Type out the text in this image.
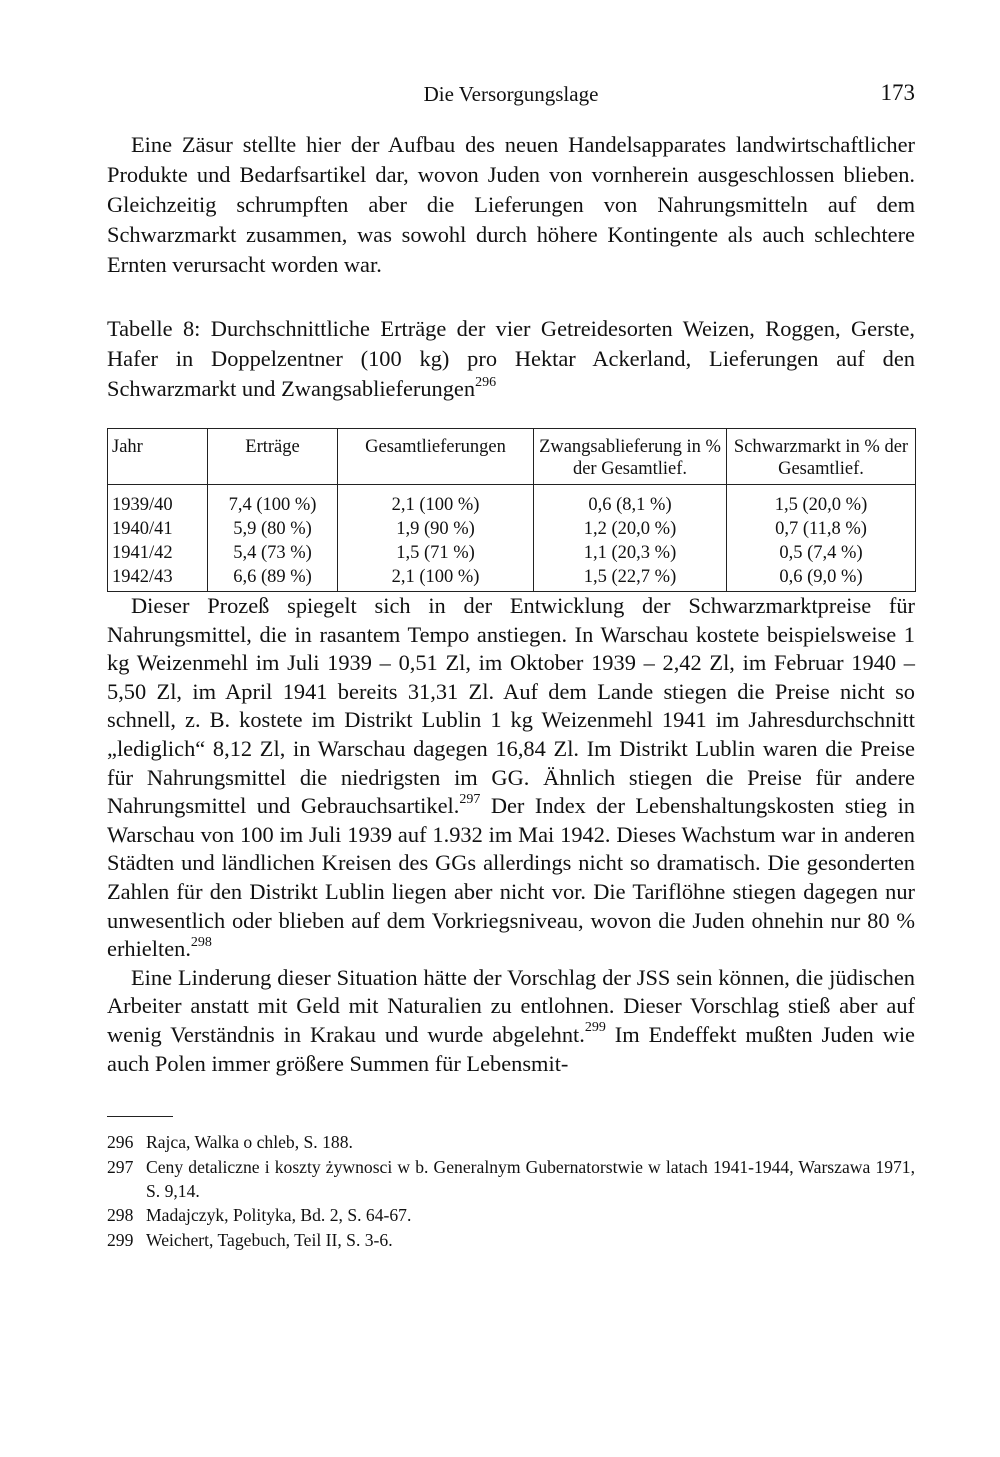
Die Versorgungslage	173

Eine Zäsur stellte hier der Aufbau des neuen Handelsapparates landwirtschaftlicher Produkte und Bedarfsartikel dar, wovon Juden von vornherein ausgeschlossen blieben. Gleichzeitig schrumpften aber die Lieferungen von Nahrungsmitteln auf dem Schwarzmarkt zusammen, was sowohl durch höhere Kontingente als auch schlechtere Ernten verursacht worden war.

Tabelle 8: Durchschnittliche Erträge der vier Getreidesorten Weizen, Roggen, Gerste, Hafer in Doppelzentner (100 kg) pro Hektar Ackerland, Lieferungen auf den Schwarzmarkt und Zwangsablieferungen$^{296}$

Jahr	Erträge	Gesamtlieferungen	Zwangsablieferung in % der Gesamtlief.	Schwarzmarkt in % der Gesamtlief.
1939/40	7,4 (100 %)	2,1 (100 %)	0,6 (8,1 %)	1,5 (20,0 %)
1940/41	5,9 (80 %)	1,9 (90 %)	1,2 (20,0 %)	0,7 (11,8 %)
1941/42	5,4 (73 %)	1,5 (71 %)	1,1 (20,3 %)	0,5 (7,4 %)
1942/43	6,6 (89 %)	2,1 (100 %)	1,5 (22,7 %)	0,6 (9,0 %)

Dieser Prozeß spiegelt sich in der Entwicklung der Schwarzmarktpreise für Nahrungsmittel, die in rasantem Tempo anstiegen. In Warschau kostete beispielsweise 1 kg Weizenmehl im Juli 1939 – 0,51 Zl, im Oktober 1939 – 2,42 Zl, im Februar 1940 – 5,50 Zl, im April 1941 bereits 31,31 Zl. Auf dem Lande stiegen die Preise nicht so schnell, z. B. kostete im Distrikt Lublin 1 kg Weizenmehl 1941 im Jahresdurchschnitt „lediglich“ 8,12 Zl, in Warschau dagegen 16,84 Zl. Im Distrikt Lublin waren die Preise für Nahrungsmittel die niedrigsten im GG. Ähnlich stiegen die Preise für andere Nahrungsmittel und Gebrauchsartikel.$^{297}$ Der Index der Lebenshaltungskosten stieg in Warschau von 100 im Juli 1939 auf 1.932 im Mai 1942. Dieses Wachstum war in anderen Städten und ländlichen Kreisen des GGs allerdings nicht so dramatisch. Die gesonderten Zahlen für den Distrikt Lublin liegen aber nicht vor. Die Tariflöhne stiegen dagegen nur unwesentlich oder blieben auf dem Vorkriegsniveau, wovon die Juden ohnehin nur 80 % erhielten.$^{298}$

Eine Linderung dieser Situation hätte der Vorschlag der JSS sein können, die jüdischen Arbeiter anstatt mit Geld mit Naturalien zu entlohnen. Dieser Vorschlag stieß aber auf wenig Verständnis in Krakau und wurde abgelehnt.$^{299}$ Im Endeffekt mußten Juden wie auch Polen immer größere Summen für Lebensmit-

296 Rajca, Walka o chleb, S. 188.
297 Ceny detaliczne i koszty żywnosci w b. Generalnym Gubernatorstwie w latach 1941-1944, Warszawa 1971, S. 9,14.
298 Madajczyk, Polityka, Bd. 2, S. 64-67.
299 Weichert, Tagebuch, Teil II, S. 3-6.
